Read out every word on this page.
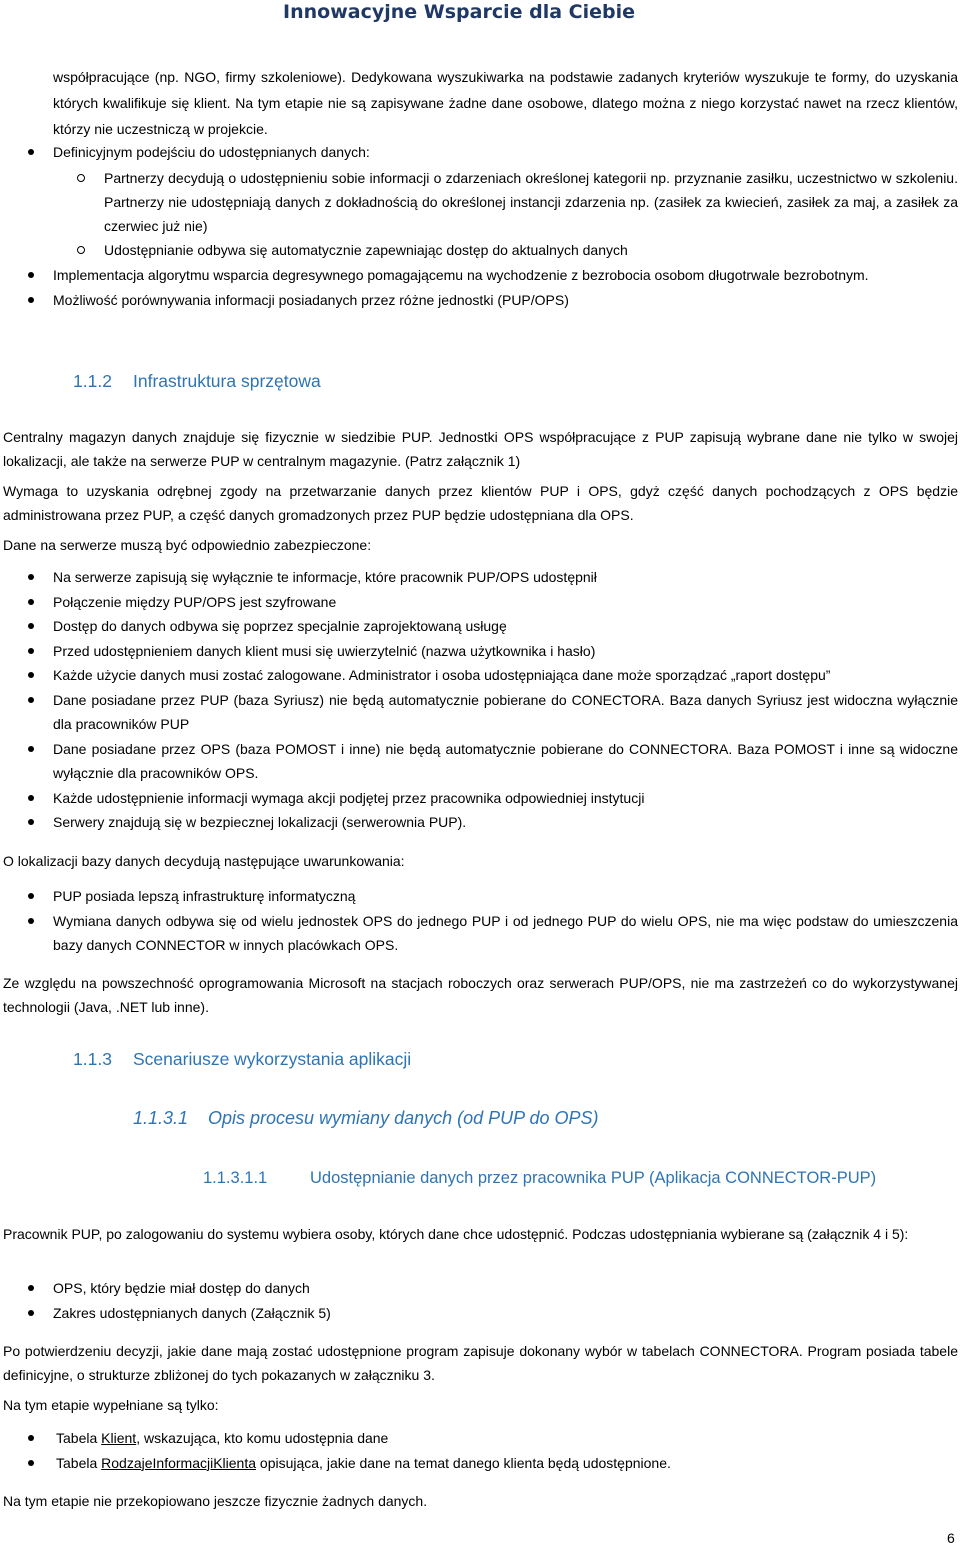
Innowacyjne Wsparcie dla Ciebie
współpracujące (np. NGO, firmy szkoleniowe). Dedykowana wyszukiwarka na podstawie zadanych kryteriów wyszukuje te formy, do uzyskania których kwalifikuje się klient. Na tym etapie nie są zapisywane żadne dane osobowe, dlatego można z niego korzystać nawet na rzecz klientów, którzy nie uczestniczą w projekcie.
Definicyjnym podejściu do udostępnianych danych:
Partnerzy decydują o udostępnieniu sobie informacji o zdarzeniach określonej kategorii np. przyznanie zasiłku, uczestnictwo w szkoleniu. Partnerzy nie udostępniają danych z dokładnością do określonej instancji zdarzenia np. (zasiłek za kwiecień, zasiłek za maj, a zasiłek za czerwiec już nie)
Udostępnianie odbywa się automatycznie zapewniając dostęp do aktualnych danych
Implementacja algorytmu wsparcia degresywnego pomagającemu na wychodzenie z bezrobocia osobom długotrwale bezrobotnym.
Możliwość porównywania informacji posiadanych przez różne jednostki (PUP/OPS)
1.1.2 Infrastruktura sprzętowa
Centralny magazyn danych znajduje się fizycznie w siedzibie PUP. Jednostki OPS współpracujące z PUP zapisują wybrane dane nie tylko w swojej lokalizacji, ale także na serwerze PUP w centralnym magazynie. (Patrz załącznik 1)
Wymaga to uzyskania odrębnej zgody na przetwarzanie danych przez klientów PUP i OPS, gdyż część danych pochodzących z OPS będzie administrowana przez PUP, a część danych gromadzonych przez PUP będzie udostępniana dla OPS.
Dane na serwerze muszą być odpowiednio zabezpieczone:
Na serwerze zapisują się wyłącznie te informacje, które pracownik PUP/OPS udostępnił
Połączenie między PUP/OPS jest szyfrowane
Dostęp do danych odbywa się poprzez specjalnie zaprojektowaną usługę
Przed udostępnieniem danych klient musi się uwierzytelnić (nazwa użytkownika i hasło)
Każde użycie danych musi zostać zalogowane. Administrator i osoba udostępniająca dane może sporządzać „raport dostępu”
Dane posiadane przez PUP (baza Syriusz) nie będą automatycznie pobierane do CONECTORA. Baza danych Syriusz jest widoczna wyłącznie dla pracowników PUP
Dane posiadane przez OPS (baza POMOST i inne) nie będą automatycznie pobierane do CONNECTORA. Baza POMOST i inne są widoczne wyłącznie dla pracowników OPS.
Każde udostępnienie informacji wymaga akcji podjętej przez pracownika odpowiedniej instytucji
Serwery znajdują się w bezpiecznej lokalizacji (serwerownia PUP).
O lokalizacji bazy danych decydują następujące uwarunkowania:
PUP posiada lepszą infrastrukturę informatyczną
Wymiana danych odbywa się od wielu jednostek OPS do jednego PUP i od jednego PUP do wielu OPS, nie ma więc podstaw do umieszczenia bazy danych CONNECTOR w innych placówkach OPS.
Ze względu na powszechność oprogramowania Microsoft na stacjach roboczych oraz serwerach PUP/OPS, nie ma zastrzeżeń co do wykorzystywanej technologii (Java, .NET lub inne).
1.1.3 Scenariusze wykorzystania aplikacji
1.1.3.1 Opis procesu wymiany danych (od PUP do OPS)
1.1.3.1.1	Udostępnianie danych przez pracownika PUP (Aplikacja CONNECTOR-PUP)
Pracownik PUP, po zalogowaniu do systemu wybiera osoby, których dane chce udostępnić. Podczas udostępniania wybierane są (załącznik 4 i 5):
OPS, który będzie miał dostęp do danych
Zakres udostępnianych danych (Załącznik 5)
Po potwierdzeniu decyzji, jakie dane mają zostać udostępnione program zapisuje dokonany wybór w tabelach CONNECTORA. Program posiada tabele definicyjne, o strukturze zbliżonej do tych pokazanych w załączniku 3.
Na tym etapie wypełniane są tylko:
Tabela Klient, wskazująca, kto komu udostępnia dane
Tabela RodzajeInformacjiKlienta opisująca, jakie dane na temat danego klienta będą udostępnione.
Na tym etapie nie przekopiowano jeszcze fizycznie żadnych danych.
6
